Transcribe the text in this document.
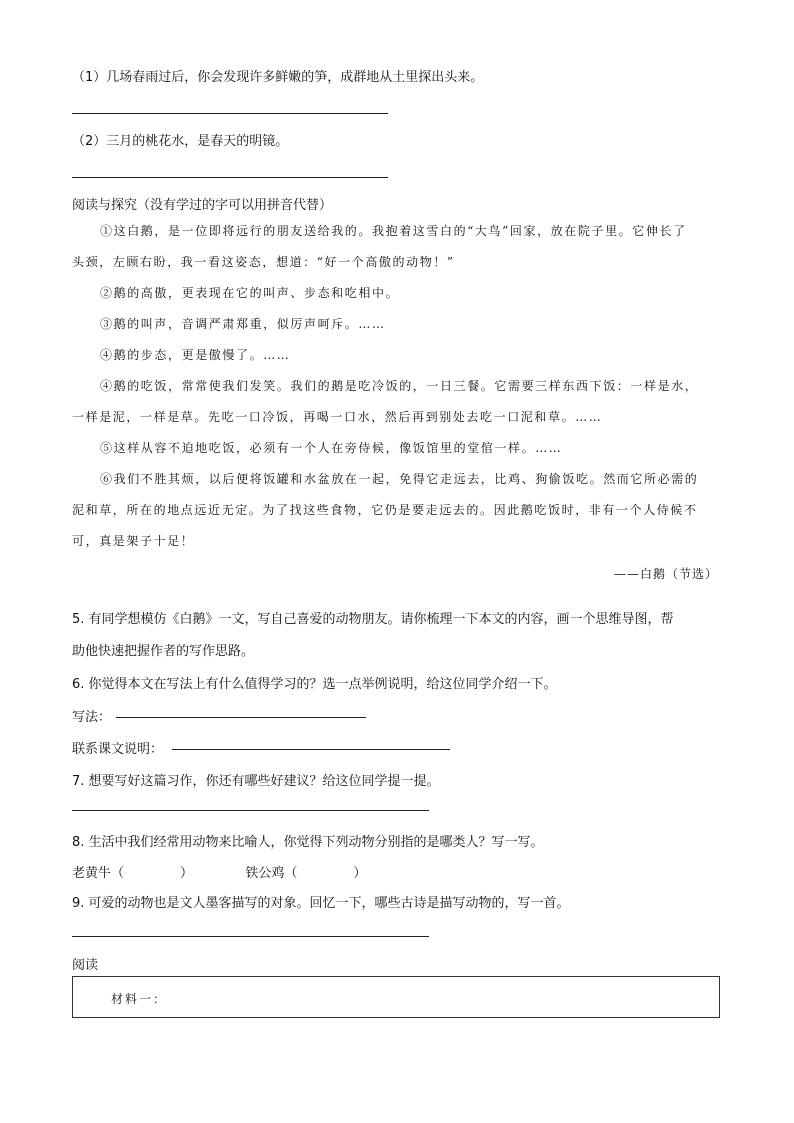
（1）几场春雨过后，你会发现许多鲜嫩的笋，成群地从土里探出头来。
（2）三月的桃花水，是春天的明镜。
阅读与探究（没有学过的字可以用拼音代替）
①这白鹅，是一位即将远行的朋友送给我的。我抱着这雪白的“大鸟”回家，放在院子里。它伸长了
头颈，左顾右盼，我一看这姿态，想道：“好一个高傲的动物！”
②鹅的高傲，更表现在它的叫声、步态和吃相中。
③鹅的叫声，音调严肃郑重，似厉声呵斥。……
④鹅的步态，更是傲慢了。……
④鹅的吃饭，常常使我们发笑。我们的鹅是吃冷饭的，一日三餐。它需要三样东西下饭：一样是水，
一样是泥，一样是草。先吃一口冷饭，再喝一口水，然后再到别处去吃一口泥和草。……
⑤这样从容不迫地吃饭，必须有一个人在旁侍候，像饭馆里的堂倌一样。……
⑥我们不胜其烦，以后便将饭罐和水盆放在一起，免得它走远去，比鸡、狗偷饭吃。然而它所必需的
泥和草，所在的地点远近无定。为了找这些食物，它仍是要走远去的。因此鹅吃饭时，非有一个人侍候不
可，真是架子十足！
——白鹅（节选）
5. 有同学想模仿《白鹅》一文，写自己喜爱的动物朋友。请你梳理一下本文的内容，画一个思维导图，帮
助他快速把握作者的写作思路。
6. 你觉得本文在写法上有什么值得学习的？选一点举例说明，给这位同学介绍一下。
写法：
联系课文说明：
7. 想要写好这篇习作，你还有哪些好建议？给这位同学提一提。
8. 生活中我们经常用动物来比喻人，你觉得下列动物分别指的是哪类人？写一写。
老黄牛（	）	铁公鸡（	）
9. 可爱的动物也是文人墨客描写的对象。回忆一下，哪些古诗是描写动物的，写一首。
阅读
材料一：
